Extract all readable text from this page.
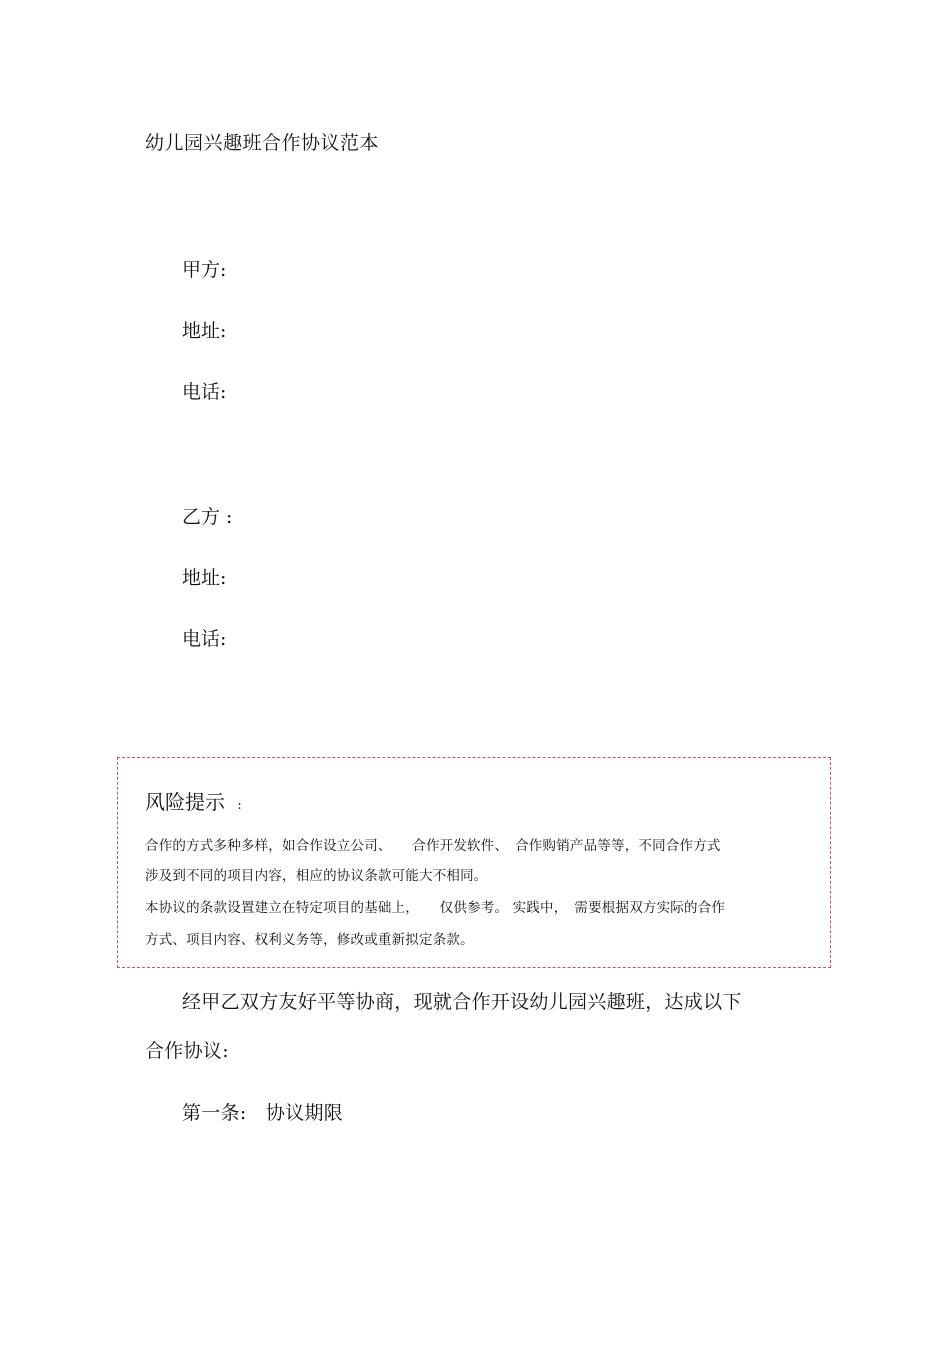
幼儿园兴趣班合作协议范本
甲方:
地址:
电话:
乙方 :
地址:
电话:
风险提示 :
合作的方式多种多样，如合作设立公司、　　合作开发软件、　合作购销产品等等，不同合作方式
涉及到不同的项目内容，相应的协议条款可能大不相同。
本协议的条款设置建立在特定项目的基础上，　　仅供参考。 实践中，　需要根据双方实际的合作
方式、项目内容、权利义务等，修改或重新拟定条款。
经甲乙双方友好平等协商，现就合作开设幼儿园兴趣班，达成以下
合作协议:
第一条:　协议期限
